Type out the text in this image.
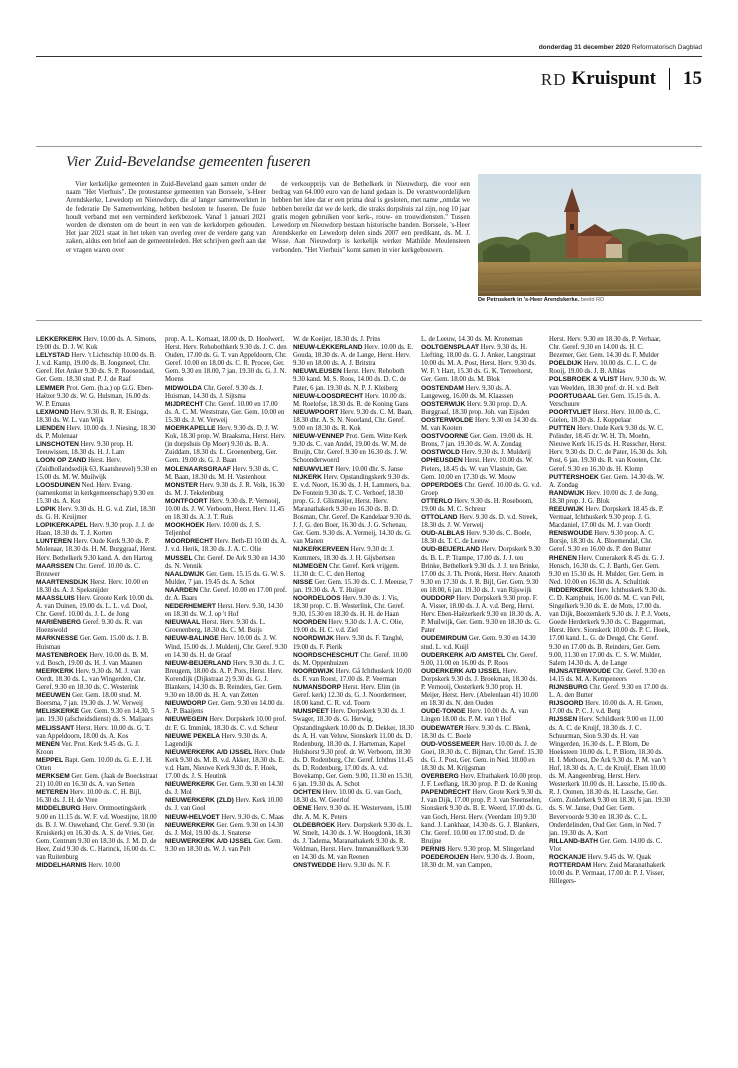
donderdag 31 december 2020 Reformatorisch Dagblad
RD Kruispunt 15
Vier Zuid-Bevelandse gemeenten fuseren

Vier kerkelijke gemeenten in Zuid-Beveland gaan samen onder de naam "Het Vierhuis". De protestantse gemeenten van Borssele, 's-Heer Arendskerke, Lewedorp en Nieuwdorp, die al langer samenwerkten in de federatie De Samenwerking, hebben besloten te fuseren. De fusie houdt verband met een verminderd kerkbezoek. Vanaf 1 januari 2021 worden de diensten om de beurt in een van de kerkdorpen gehouden. Het jaar 2021 staat in het teken van overleg over de verdere gang van zaken, aldus een brief aan de gemeenteleden. Het schrijven geeft aan dat er vragen waren over

de verkoopprijs van de Bethelkerk in Nieuwdorp, die voor een bedrag van 64.000 euro van de hand gedaan is. De verantwoordelijken hebben het idee dat er een prima deal is gesloten, met name „omdat we hebben bereikt dat we de kerk, die straks dorpshuis zal zijn, nog 10 jaar gratis mogen gebruiken voor kerk-, rouw- en trouwdiensten." Tussen Lewedorp en Nieuwdorp bestaan historische banden. Borssele, 's-Heer Arendskerke en Lewedorp delen sinds 2007 een predikant, ds. M. J. Wisse. Aan Nieuwdorp is kerkelijk werker Mathilde Meulensteen verbonden. "Het Vierhuis" komt samen in vier kerkgebouwen.

De Petruskerk in 's-Heer Arendskerke. beeld RD

LEKKERKERK Herv. 10.00 ds. A. Simons, 19.00 ds. D. J. W. Kok

LELYSTAD Herv. 't Lichtschip 10.00 ds. B. J. v.d. Kamp, 19.00 ds. B. Jongeneel, Chr. Geref. Het Anker 9.30 ds. S. P. Roosendaal, Ger. Gem. 18.30 stud. P. J. de Raaf

LEMMER Prot. Gem. (b.a.) op G.G. Eben-Haëzer 9.30 ds. W. G. Hulsman, 16.00 ds. W. P. Emaus

LEXMOND Herv. 9.30 ds. R. R. Eisinga, 18.30 ds. W. L. van Wijk

LIENDEN Herv. 10.00 ds. J. Niesing, 18.30 ds. P. Molenaar

LINSCHOTEN Herv. 9.30 prop. H. Teeuwissen, 18.30 ds. H. J. Lam

LOON OP ZAND Herst. Herv. (Zuidhollandsedijk 63, Kaatsheuvel) 9.30 en 15.00 ds. M. W. Muilwijk

LOOSDUINEN Ned. Herv. Evang. (samenkomst in kerkgemeenschap) 9.30 en 15.30 ds. A. Kot

LOPIK Herv. 9.30 ds. H. G. v.d. Ziel, 18.30 ds. G. H. Kruijmer

LOPIKERKAPEL Herv. 9.30 prop. J. J. de Haan, 18.30 ds. T. J. Korten

LUNTEREN Herv. Oude Kerk 9.30 ds. P. Molenaar, 18.30 ds. H. M. Burggraaf, Herst. Herv. Bethelkerk 9.30 kand. A. den Hartog

MAARSSEN Chr. Geref. 10.00 ds. C. Brouwer

MAARTENSDIJK Herst. Herv. 10.00 en 18.30 ds. A. J. Speksnijder

MAASSLUIS Herv. Groote Kerk 10.00 ds. A. van Duinen, 19.00 ds. L. L. v.d. Dool, Chr. Geref. 10.00 ds. J. L. de Jong

MARIËNBERG Geref. 9.30 ds. R. van Hoenswold

MARKNESSE Ger. Gem. 15.00 ds. J. B. Huisman

MASTENBROEK Herv. 10.00 ds. B. M. v.d. Bosch, 19.00 ds. H. J. van Maanen

MEERKERK Herv. 9.30 ds. M. J. van Oordt, 18.30 ds. L. van Wingerden, Chr. Geref. 9.30 en 18.30 ds. C. Westerink

MEEUWEN Ger. Gem. 18.00 stud. M. Boersma, 7 jan. 19.30 ds. J. W. Verweij

MELISKERKE Ger. Gem. 9.30 en 14.30, 5 jan. 19.30 (afscheidsdienst) ds. S. Maljaars

MELISSANT Herst. Herv. 10.00 ds. G. T. van Appeldoorn, 18.00 ds. A. Kos

MENEN Ver. Prot. Kerk 9.45 ds. G. J. Kroon

MEPPEL Bapt. Gem. 10.00 ds. G. E. J. H. Otten

MERKSEM Ger. Gem. (Jaak de Boeckstraat 21) 10.00 en 16.30 ds. A. van Setten

METEREN Herv. 10.00 ds. C. H. Bijl, 16.30 ds. J. H. de Vree

MIDDELBURG Herv. Ontmoetingskerk 9.00 en 11.15 ds. W. F. v.d. Woestijne, 18.00 ds. B. J. W. Ouwehand, Chr. Geref. 9.30 (in Kruiskerk) en 16.30 ds. A. S. de Vries, Ger. Gem. Centrum 9.30 en 18.30 ds. J. M. D. de Heer, Zuid 9.30 ds. C. Harinck, 16.00 ds. C. van Ruitenburg

MIDDELHARNIS Herv. 10.00

prop. A. L. Kornaat, 18.00 ds. D. Hoolwerf, Herst. Herv. Rehobothkerk 9.30 ds. J. C. den Ouden, 17.00 ds. G. T. van Appeldoorn, Chr. Geref. 10.00 en 18.00 ds. C. R. Procee, Ger. Gem. 9.30 en 18.00, 7 jan. 19.30 ds. G. J. N. Moens

MIDWOLDA Chr. Geref. 9.30 ds. J. Huisman, 14.30 ds. J. Sijtsma

MIJDRECHT Chr. Geref. 10.00 en 17.00 ds. A. C. M. Weststrate, Ger. Gem. 10.00 en 15.30 ds. J. W. Verweij

MOERKAPELLE Herv. 9.30 ds. D. J. W. Kok, 18.30 prop. W. Braaksma, Herst. Herv. (in dorpshuis Op Moer) 9.30 ds. B. A. Zuiddam, 18.30 ds. L. Groenenberg, Ger. Gem. 19.00 ds. G. J. Baan

MOLENAARSGRAAF Herv. 9.30 ds. C. M. Baan, 18.30 ds. M. H. Vastenhout

MONSTER Herv. 9.30 ds. J. R. Volk, 16.30 ds. M. J. Tekelenburg

MONTFOORT Herv. 9.30 ds. P. Vernooij, 10.00 ds. J. W. Verboom, Herst. Herv. 11.45 en 18.30 ds. A. J. T. Ruis

MOOKHOEK Herv. 10.00 ds. J. S. Teljenhof

MOORDRECHT Herv. Beth-El 10.00 ds. A. J. v.d. Herik, 18.30 ds. J. A. C. Olie

MUSSEL Chr. Geref. De Ark 9.30 en 14.30 ds. N. Vennik

NAALDWIJK Ger. Gem. 15.15 ds. G. W. S. Mulder, 7 jan. 19.45 ds. A. Schot

NAARDEN Chr. Geref. 10.00 en 17.00 prof. dr. A. Baars

NEDERHEMERT Herst. Herv. 9.30, 14.30 en 18.30 ds. W. J. op 't Hof

NIEUWAAL Herst. Herv. 9.30 ds. L. Groenenberg, 18.30 ds. C. M. Buijs

NIEUW-BALINGE Herv. 10.00 ds. J. W. Wind, 15.00 ds. J. Mulderij, Chr. Geref. 9.30 en 14.30 ds. H. de Graaf

NIEUW-BEIJERLAND Herv. 9.30 ds. J. C. Breugem, 18.00 ds. A. P. Pors, Herst. Herv. Korendijk (Dijkstraat 2) 9.30 ds. G. J. Blankers, 14.30 ds. B. Reinders, Ger. Gem. 9.30 en 18.00 ds. H. A. van Zetten

NIEUWDORP Ger. Gem. 9.30 en 14.00 ds. A. P. Baaijens

NIEUWEGEIN Herv. Dorpskerk 10.00 prof. dr. F. G. Immink, 18.30 ds. C. v.d. Scheur

NIEUWE PEKELA Herv. 9.30 ds. A. Lagendijk

NIEUWERKERK A/D IJSSEL Herv. Oude Kerk 9.30 ds. M. B. v.d. Akker, 18.30 ds. E. v.d. Ham, Nieuwe Kerk 9.30 ds. F. Hoek, 17.00 ds. J. S. Heutink

NIEUWERKERK Ger. Gem. 9.30 en 14.30 ds. J. Mol

NIEUWERKERK (ZLD) Herv. Kerk 10.00 ds. J. van Gool

NIEUW-HELVOET Herv. 9.30 ds. C. Maas

NIEUWERKERK Ger. Gem. 9.30 en 14.30 ds. J. Mol, 19.00 ds. J. Snaterse

NIEUWERKERK A/D IJSSEL Ger. Gem. 9.30 en 18.30 ds. W. J. van Pelt

W. de Koeijer, 18.30 ds. J. Prins

NIEUW-LEKKERLAND Herv. 10.00 ds. E. Gouda, 18.30 ds. A. de Lange, Herst. Herv. 9.30 en 18.00 ds. A. J. Britstra

NIEUWLEUSEN Herst. Herv. Rehoboth 9.30 kand. M. S. Roos, 14.00 ds. D. C. de Pater, 6 jan. 19.30 ds. N. P. J. Kleiberg

NIEUW-LOOSDRECHT Herv. 10.00 ds. M. Roelofse, 18.30 ds. R. de Koning Gans

NIEUWPOORT Herv. 9.30 ds. C. M. Baan, 18.30 dhr. A. S. N. Noorland, Chr. Geref. 9.00 en 18.30 ds. R. Kok

NIEUW-VENNEP Prot. Gem. Witte Kerk 9.30 ds. C. van Andel, 19.00 ds. W. M. de Bruijn, Chr. Geref. 9.30 en 16.30 ds. J. W. Schoonderwoerd

NIEUWVLIET Herv. 10.00 dhr. S. Janse

NIJKERK Herv. Opstandingskerk 9.30 ds. E. v.d. Noort, 16.30 ds. J. H. Lammers, b.a. De Fontein 9.30 ds. T. C. Verhoef, 18.30 prop. G. J. Glismeijer, Herst. Herv. Maranathakerk 9.30 en 16.30 ds. B. D. Bosman, Chr. Geref. De Kandelaar 9.30 ds. J. J. G. den Boer, 16.30 ds. J. G. Schenau, Ger. Gem. 9.30 ds. A. Vermeij, 14.30 ds. G. van Manen

NIJKERKERVEEN Herv. 9.30 dr. J. Kommers, 18.30 ds. J. H. Gijsbertsen

NIJMEGEN Chr. Geref. Kerk vrijgem. 11.30 dr. C. C. den Hertog

NISSE Ger. Gem. 15.30 ds. C. J. Meeuse, 7 jan. 19.30 ds. A. T. Huijser

NOORDELOOS Herv. 9.30 ds. J. Vis, 18.30 prop. C. B. Westerlink, Chr. Geref. 9.30, 15.30 en 18.30 ds. H. H. de Haan

NOORDEN Herv. 9.30 ds. J. A. C. Olie, 19.00 ds. H. C. v.d. Ziel

NOORDWIJK Herv. 9.30 ds. F. Tanghé, 19.00 ds. F. Pierik

NOORDSCHESCHUT Chr. Geref. 10.00 ds. M. Oppenhuizen

NOORDWIJK Herv. Gå Ichthuskerk 10.00 ds. F. van Roest, 17.00 ds. P. Veerman

NUMANSDORP Herst. Herv. Elim (in Geref. kerk) 12.30 ds. G. J. Noordermeer, 18.00 kand. C. R. v.d. Toorn

NUNSPEET Herv. Dorpskerk 9.30 ds. J. Swager, 18.30 ds. G. Herwig, Opstandingskerk 10.00 ds. D. Dekker, 18.30 ds. A. H. van Veluw, Sionskerk 11.00 ds. D. Rodenburg, 18.30 ds. J. Harteman, Kapel Hulshorst 9.30 prof. dr. W. Verboom, 18.30 ds. D. Rodenburg, Chr. Geref. Ichthus 11.45 ds. D. Rodenburg, 17.00 ds. A. v.d. Bovekamp, Ger. Gem. 9.00, 11.30 en 15.30, 6 jan. 19.30 ds. A. Schot

OCHTEN Herv. 10.00 ds. G. van Goch, 18.30 ds. W. Geerlof

OENE Herv. 9.30 ds. H. Westerveen, 15.00 dhr. A. M. K. Peters

OLDEBROEK Herv. Dorpskerk 9.30 ds. L. W. Smelt, 14.30 ds. J. W. Hoogdonk, 18.30 ds. J. Tadema, Maranathakerk 9.30 ds. R. Veldman, Herst. Herv. Immanuëlkerk 9.30 en 14.30 ds. M. van Reenen

ONSTWEDDE Herv. 9.30 ds. N. F.

L. de Leeuw, 14.30 ds. M. Kroneman

OOLTGENSPLAAT Herv. 9.30 ds. H. Liefting, 18.00 ds. G. J. Anker, Langstraat 10.00 ds. M. A. Post, Herst. Herv. 9.30 ds. W. F. 't Hart, 15.30 ds. G. K. Terreehorst, Ger. Gem. 18.00 ds. M. Blok

OOSTENDAM Herv. 9.30 ds. A. Langeweg, 16.00 ds. M. Klaassen

OOSTERWIJK Herv. 9.30 prop. D. A. Burggraaf, 18.30 prop. Joh. van Eijsden

OOSTERWOLDE Herv. 9.30 en 14.30 ds. M. van Kooten

OOSTVOORNE Ger. Gem. 19.00 ds. H. Brons, 7 jan. 19.30 ds. W. A. Zondag

OOSTWOLD Herv. 9.30 ds. J. Mulderij

OPHEUSDEN Herst. Herv. 10.00 ds. W. Pieters, 18.45 ds. W. van Vlastuin, Ger. Gem. 10.00 en 17.30 ds. W. Mouw

OPPERDOES Chr. Geref. 10.00 ds. G. v.d. Groep

OTTERLO Herv. 9.30 ds. H. Roseboom, 19.00 ds. M. C. Schreur

OTTOLAND Herv. 9.30 ds. D. v.d. Streek, 18.30 ds. J. W. Verweij

OUD-ALBLAS Herv. 9.30 ds. C. Boele, 18.30 ds. T. C. de Leeuw

OUD-BEIJERLAND Herv. Dorpskerk 9.30 ds. B. L. P. Trampe, 17.00 ds. J. J. ten Brinke, Bethelkerk 9.30 ds. J. J. ten Brinke, 17.00 ds. J. Th. Pronk, Herst. Herv. Anatoth 9.30 en 17.30 ds. J. R. Bijl, Ger. Gem. 9.30 en 18.00, 6 jan. 19.30 ds. J. van Rijswijk

OUDDORP Herv. Dorpskerk 9.30 prop. F. A. Visser, 18.00 ds. J. A. v.d. Berg, Herst. Herv. Eben-Haëzerkerk 9.30 en 18.30 ds. A. P. Muilwijk, Ger. Gem. 9.30 en 18.30 ds. G. Pater

OUDEMIRDUM Ger. Gem. 9.30 en 14.30 stud. L. v.d. Kuijl

OUDERKERK A/D AMSTEL Chr. Geref. 9.00, 11.00 en 16.00 ds. P. Roos

OUDERKERK A/D IJSSEL Herv. Dorpskerk 9.30 ds. J. Broekman, 18.30 ds. P. Vernooij, Oosterkerk 9.30 prop. H. Meijer, Herst. Herv. (Abelenlaan 41) 10.00 en 18.30 ds. N. den Ouden

OUDE-TONGE Herv. 10.00 ds. A. van Lingen 18.00 ds. P. M. van 't Hof

OUDEWATER Herv. 9.30 ds. C. Blenk, 18.30 ds. C. Boele

OUD-VOSSEMEER Herv. 10.00 ds. J. de Goei, 18.30 ds. C. Bijman, Chr. Geref. 15.30 ds. G. J. Post, Ger. Gem. in Ned. 10.00 en 18.30 ds. M. Krijgsman

OVERBERG Herv. Efrathakerk 10.00 prop. J. F. Leeflang, 18.30 prop. P. D. de Koning

PAPENDRECHT Herv. Grote Kerk 9.30 ds. J. van Dijk, 17.00 prop. P. J. van Steenselen, Sionskerk 9.30 ds. B. E. Weerd, 17.00 ds. G. van Goch, Herst. Herv. (Veerdam 10) 9.30 kand. J. Lankhaar, 14.30 ds. G. J. Blankers, Chr. Geref. 10.00 en 17.00 stud. D. de Bruijne

PERNIS Herv. 9.30 prop. M. Slingerland

POEDEROIJEN Herv. 9.30 ds. J. Boom, 18.30 dr. M. van Campen,

Herst. Herv. 9.30 en 18.30 ds. P. Verhaar, Chr. Geref. 9.30 en 14.00 ds. H. C. Bezemer, Ger. Gem. 14.30 ds. F. Mulder

POELDIJK Herv. 10.00 ds. C. L. C. de Rooij, 19.00 ds. J. B. Alblas

POLSBROEK & VLIST Herv. 9.30 ds. W. van Weelden, 18.30 prof. dr. H. v.d. Belt

POORTUGAAL Ger. Gem. 15.15 ds. A. Verschuure

POORTVLIET Herst. Herv. 10.00 ds. C. Gielen, 18.30 ds. J. Koppelaar

PUTTEN Herv. Oude Kerk 9.30 ds. W. C. Polinder, 18.45 dr. W. H. Th. Moehn, Nieuwe Kerk 16.15 ds. H. Russcher, Herst. Herv. 9.30 ds. D. C. de Pater, 16.30 ds. Joh. Post, 6 jan. 19.30 ds. R. van Kooten, Chr. Geref. 9.30 en 16.30 ds. H. Klomp

PUTTERSHOEK Ger. Gem. 14.30 ds. W. A. Zondag

RANDWIJK Herv. 10.00 ds. J. de Jong, 18.30 prop. J. G. Blok

REEUWIJK Herv. Dorpskerk 18.45 ds. P. Vermaat, Ichthuskerk 9.30 prop. J. G. Macdaniel, 17.00 ds. M. J. van Oordt

RENSWOUDE Herv. 9.30 prop. A. C. Borsje, 18.30 ds. A. Bloemendal, Chr. Geref. 9.30 en 16.00 ds. P. den Butter

RHENEN Herv. Cunerakerk 8.45 ds. G. J. Hensch, 16.30 ds. C. J. Barth, Ger. Gem. 9.30 en 15.30 ds. H. Mulder, Ger. Gem. in Ned. 10.00 en 16.30 ds. A. Schultink

RIDDERKERK Herv. Ichthuskerk 9.30 ds. C. D. Kamphuis, 16.00 ds. M. C. van Pelt, Singelkerk 9.30 ds. E. de Mots, 17.00 ds. van Dijk, Boezemkerk 9.30 ds. J. P. J. Voets, Goede Herderkerk 9.30 ds. C. Baggerman, Herst. Herv. Sionskerk 10.00 ds. P. C. Hoek, 17.00 kand. L. G. de Deugd, Chr. Geref. 9.30 en 17.00 ds. B. Reinders, Ger. Gem. 9.00, 11.30 en 17.00 ds. C. S. W. Mulder, Salem 14.30 ds. A. de Lange

RIJNSATERWOUDE Chr. Geref. 9.30 en 14.15 ds. M. A. Kempeneers

RIJNSBURG Chr. Geref. 9.30 en 17.00 ds. L. A. den Butter

RIJSOORD Herv. 10.00 ds. A. H. Groen, 17.00 ds. P. C. J. v.d. Berg

RIJSSEN Herv. Schildkerk 9.00 en 11.00 ds. A. C. de Kruijf, 18.30 ds. J. C. Schuurman, Sion 9.30 ds. H. van Wingerden, 16.30 ds. L. P. Blom, De Hoeksteen 10.00 ds. L. P. Blom, 18.30 ds. H. I. Methorst, De Ark 9.30 ds. P. M. van 't Hof, 18.30 ds. A. C. de Kruijf, Elsen 10.00 ds. M. Aangeenbrug, Herst. Herv. Westerkerk 10.00 ds. H. Lassche, 15.00 ds. R. J. Oomen, 18.30 ds. H. Lassche, Ger. Gem. Zuiderkerk 9.30 en 18.30, 6 jan. 19.30 ds. S. W. Janse, Oud Ger. Gem. Bevervoorde 9.30 en 18.30 ds. C. L. Onderdelinden, Oud Ger. Gem. in Ned. 7 jan. 19.30 ds. A. Kort

RILLAND-BATH Ger. Gem. 14.00 ds. C. Vlot

ROCKANJE Herv. 9.45 ds. W. Quak

ROTTERDAM Herv. Zuid Maranathakerk 10.00 ds. P. Vermaat, 17.00 dr. P. J. Visser, Hillegers-
